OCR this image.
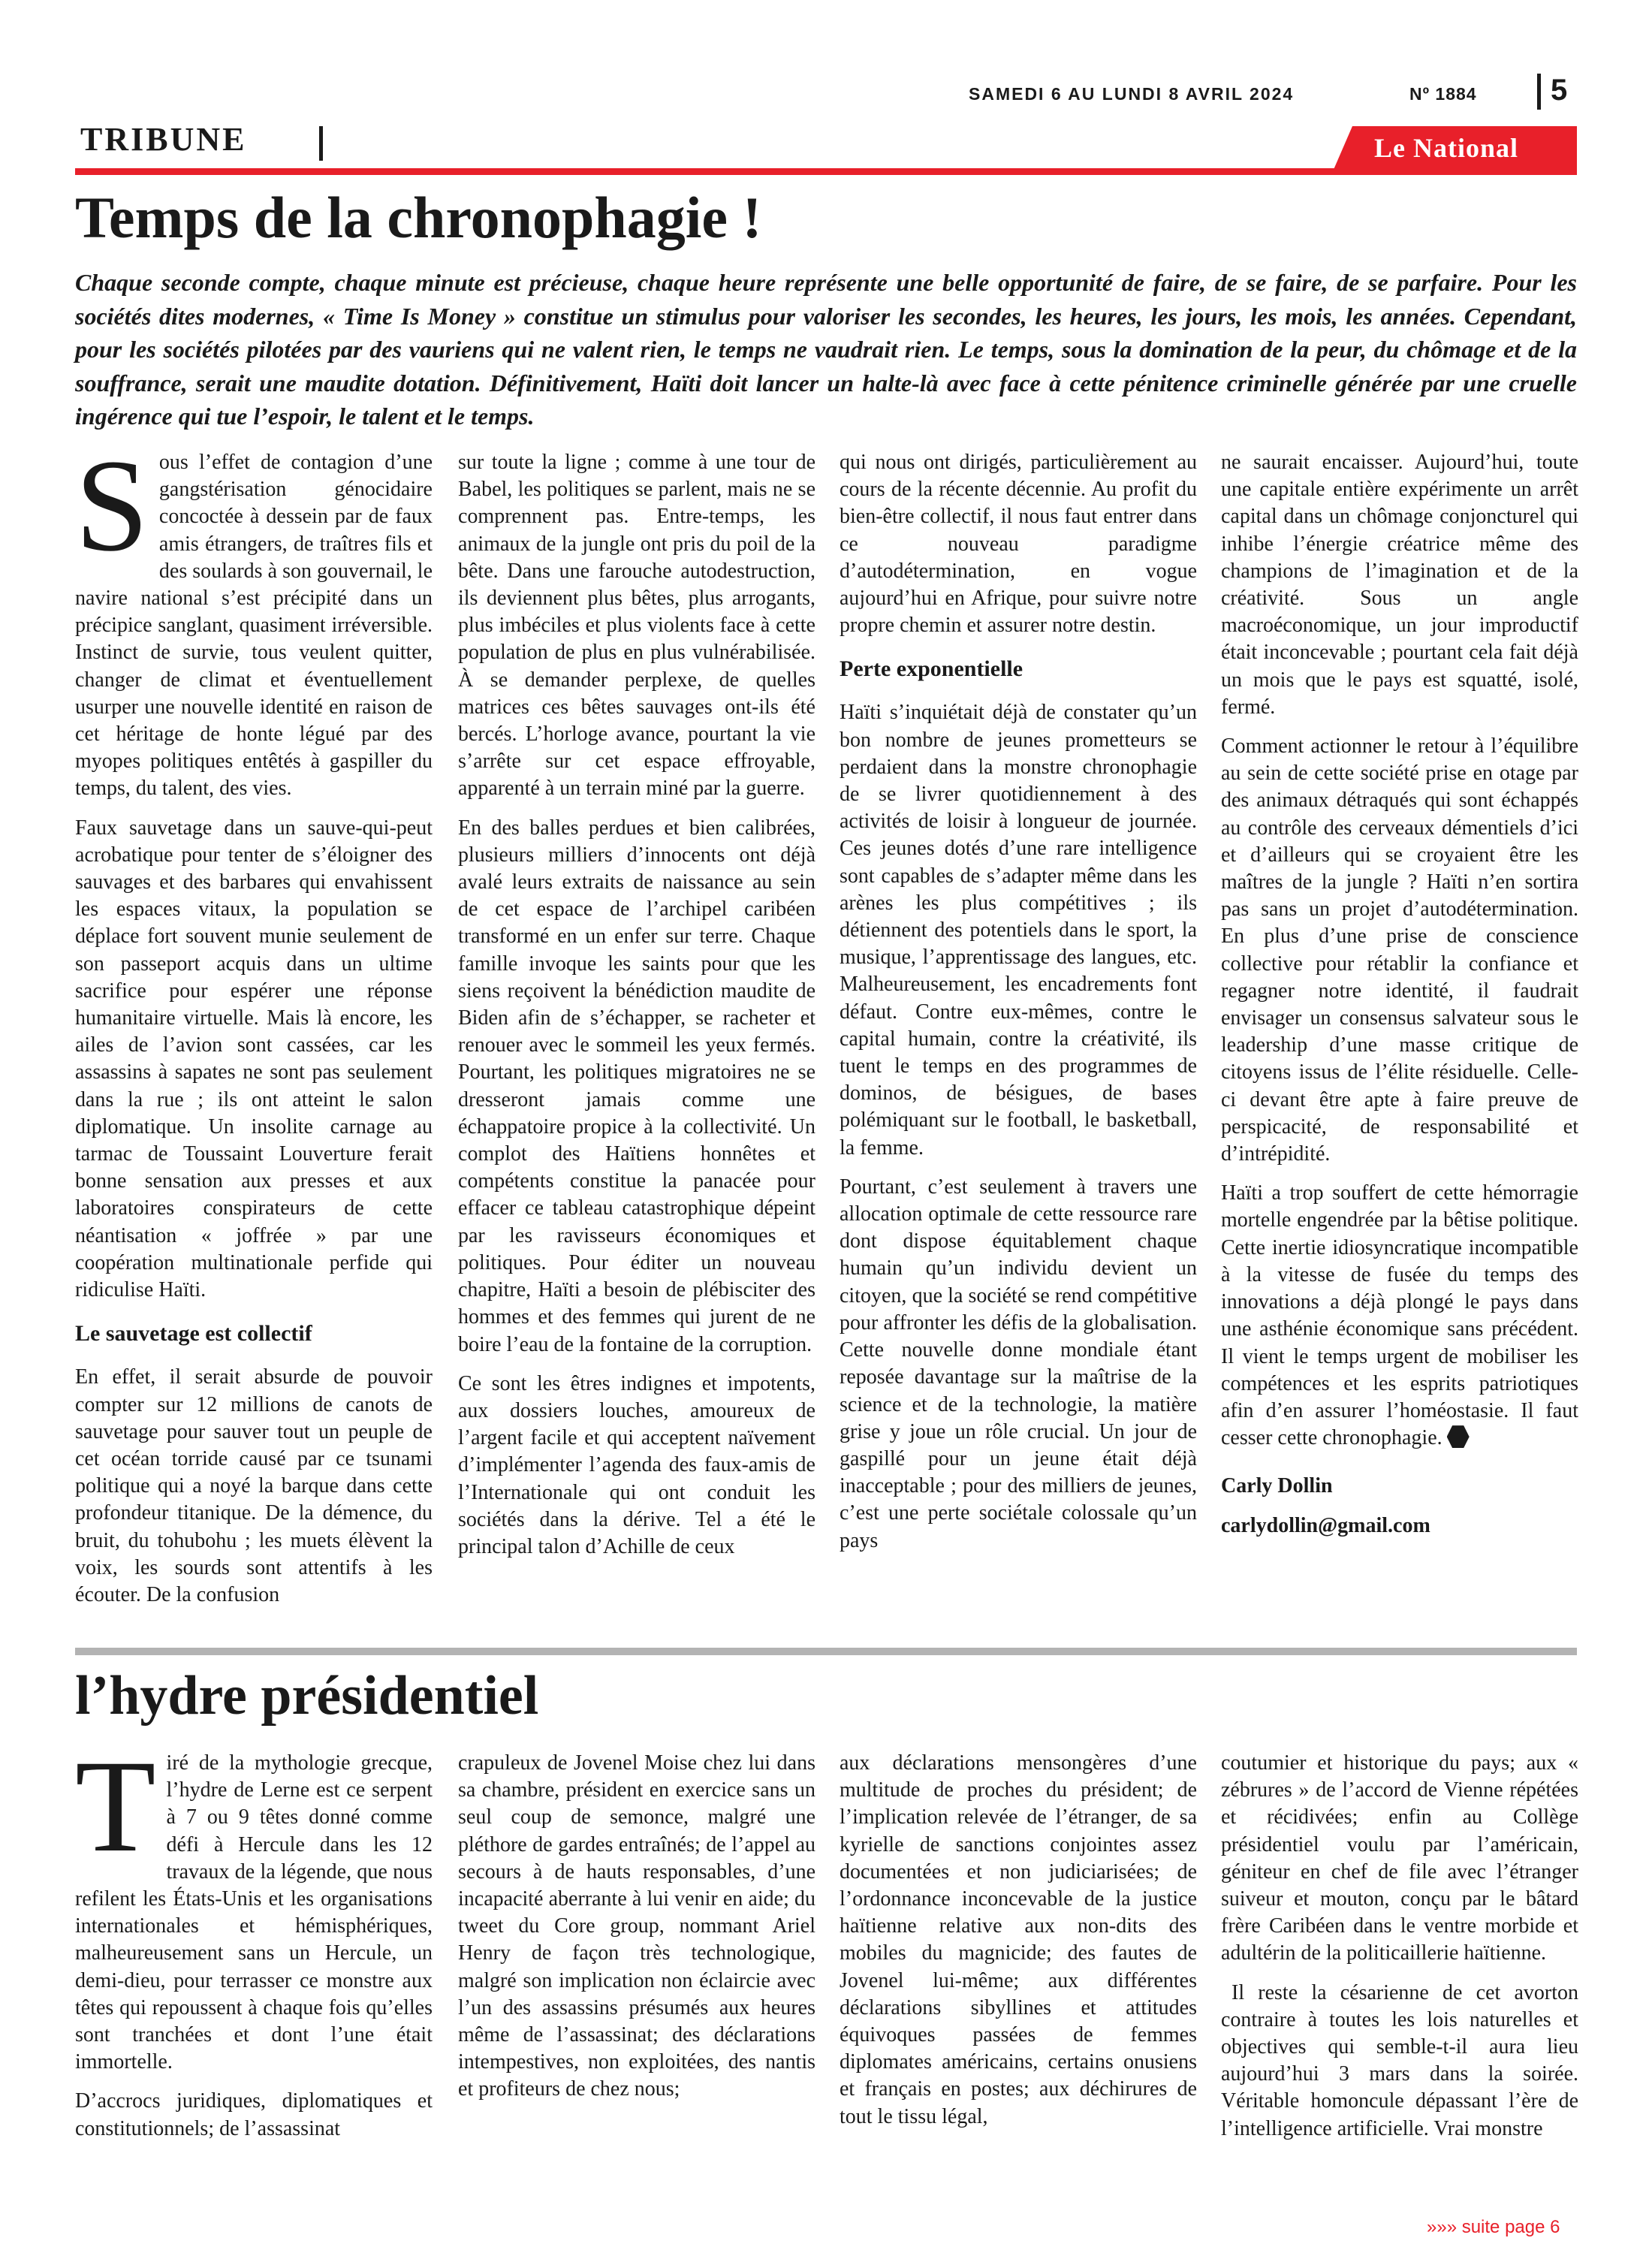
SAMEDI 6 AU LUNDI 8 AVRIL 2024	Nº 1884 5
TRIBUNE	Le National
Temps de la chronophagie !

Chaque seconde compte, chaque minute est précieuse, chaque heure représente une belle opportunité de faire, de se faire, de se parfaire. Pour les sociétés dites modernes, « Time Is Money » constitue un stimulus pour valoriser les secondes, les heures, les jours, les mois, les années. Cependant, pour les sociétés pilotées par des vauriens qui ne valent rien, le temps ne vaudrait rien. Le temps, sous la domination de la peur, du chômage et de la souffrance, serait une maudite dotation. Définitivement, Haïti doit lancer un halte-là avec face à cette pénitence criminelle générée par une cruelle ingérence qui tue l’espoir, le talent et le temps.

Sous l’effet de contagion d’une gangstérisation génocidaire concoctée à dessein par de faux amis étrangers, de traîtres fils et des soulards à son gouvernail, le navire national s’est précipité dans un précipice sanglant, quasiment irréversible. Instinct de survie, tous veulent quitter, changer de climat et éventuellement usurper une nouvelle identité en raison de cet héritage de honte légué par des myopes politiques entêtés à gaspiller du temps, du talent, des vies.

Faux sauvetage dans un sauve-qui-peut acrobatique pour tenter de s’éloigner des sauvages et des barbares qui envahissent les espaces vitaux, la population se déplace fort souvent munie seulement de son passeport acquis dans un ultime sacrifice pour espérer une réponse humanitaire virtuelle. Mais là encore, les ailes de l’avion sont cassées, car les assassins à sapates ne sont pas seulement dans la rue ; ils ont atteint le salon diplomatique. Un insolite carnage au tarmac de Toussaint Louverture ferait bonne sensation aux presses et aux laboratoires conspirateurs de cette néantisation « joffrée » par une coopération multinationale perfide qui ridiculise Haïti.

Le sauvetage est collectif

En effet, il serait absurde de pouvoir compter sur 12 millions de canots de sauvetage pour sauver tout un peuple de cet océan torride causé par ce tsunami politique qui a noyé la barque dans cette profondeur titanique. De la démence, du bruit, du tohubohu ; les muets élèvent la voix, les sourds sont attentifs à les écouter. De la confusion

sur toute la ligne ; comme à une tour de Babel, les politiques se parlent, mais ne se comprennent pas. Entre-temps, les animaux de la jungle ont pris du poil de la bête. Dans une farouche autodestruction, ils deviennent plus bêtes, plus arrogants, plus imbéciles et plus violents face à cette population de plus en plus vulnérabilisée. À se demander perplexe, de quelles matrices ces bêtes sauvages ont-ils été bercés. L’horloge avance, pourtant la vie s’arrête sur cet espace effroyable, apparenté à un terrain miné par la guerre.

En des balles perdues et bien calibrées, plusieurs milliers d’innocents ont déjà avalé leurs extraits de naissance au sein de cet espace de l’archipel caribéen transformé en un enfer sur terre. Chaque famille invoque les saints pour que les siens reçoivent la bénédiction maudite de Biden afin de s’échapper, se racheter et renouer avec le sommeil les yeux fermés. Pourtant, les politiques migratoires ne se dresseront jamais comme une échappatoire propice à la collectivité. Un complot des Haïtiens honnêtes et compétents constitue la panacée pour effacer ce tableau catastrophique dépeint par les ravisseurs économiques et politiques. Pour éditer un nouveau chapitre, Haïti a besoin de plébisciter des hommes et des femmes qui jurent de ne boire l’eau de la fontaine de la corruption.

Ce sont les êtres indignes et impotents, aux dossiers louches, amoureux de l’argent facile et qui acceptent naïvement d’implémenter l’agenda des faux-amis de l’Internationale qui ont conduit les sociétés dans la dérive. Tel a été le principal talon d’Achille de ceux

qui nous ont dirigés, particulièrement au cours de la récente décennie. Au profit du bien-être collectif, il nous faut entrer dans ce nouveau paradigme d’autodétermination, en vogue aujourd’hui en Afrique, pour suivre notre propre chemin et assurer notre destin.

Perte exponentielle

Haïti s’inquiétait déjà de constater qu’un bon nombre de jeunes prometteurs se perdaient dans la monstre chronophagie de se livrer quotidiennement à des activités de loisir à longueur de journée. Ces jeunes dotés d’une rare intelligence sont capables de s’adapter même dans les arènes les plus compétitives ; ils détiennent des potentiels dans le sport, la musique, l’apprentissage des langues, etc. Malheureusement, les encadrements font défaut. Contre eux-mêmes, contre le capital humain, contre la créativité, ils tuent le temps en des programmes de dominos, de bésigues, de bases polémiquant sur le football, le basketball, la femme.

Pourtant, c’est seulement à travers une allocation optimale de cette ressource rare dont dispose équitablement chaque humain qu’un individu devient un citoyen, que la société se rend compétitive pour affronter les défis de la globalisation. Cette nouvelle donne mondiale étant reposée davantage sur la maîtrise de la science et de la technologie, la matière grise y joue un rôle crucial. Un jour de gaspillé pour un jeune était déjà inacceptable ; pour des milliers de jeunes, c’est une perte sociétale colossale qu’un pays

ne saurait encaisser. Aujourd’hui, toute une capitale entière expérimente un arrêt capital dans un chômage conjoncturel qui inhibe l’énergie créatrice même des champions de l’imagination et de la créativité. Sous un angle macroéconomique, un jour improductif était inconcevable ; pourtant cela fait déjà un mois que le pays est squatté, isolé, fermé.

Comment actionner le retour à l’équilibre au sein de cette société prise en otage par des animaux détraqués qui sont échappés au contrôle des cerveaux démentiels d’ici et d’ailleurs qui se croyaient être les maîtres de la jungle ? Haïti n’en sortira pas sans un projet d’autodétermination. En plus d’une prise de conscience collective pour rétablir la confiance et regagner notre identité, il faudrait envisager un consensus salvateur sous le leadership d’une masse critique de citoyens issus de l’élite résiduelle. Celle-ci devant être apte à faire preuve de perspicacité, de responsabilité et d’intrépidité.

Haïti a trop souffert de cette hémorragie mortelle engendrée par la bêtise politique. Cette inertie idiosyncratique incompatible à la vitesse de fusée du temps des innovations a déjà plongé le pays dans une asthénie économique sans précédent. Il vient le temps urgent de mobiliser les compétences et les esprits patriotiques afin d’en assurer l’homéostasie. Il faut cesser cette chronophagie.

Carly Dollin
carlydollin@gmail.com

l’hydre présidentiel

Tiré de la mythologie grecque, l’hydre de Lerne est ce serpent à 7 ou 9 têtes donné comme défi à Hercule dans les 12 travaux de la légende, que nous refilent les États-Unis et les organisations internationales et hémisphériques, malheureusement sans un Hercule, un demi-dieu, pour terrasser ce monstre aux têtes qui repoussent à chaque fois qu’elles sont tranchées et dont l’une était immortelle.

D’accrocs juridiques, diplomatiques et constitutionnels; de l’assassinat

crapuleux de Jovenel Moise chez lui dans sa chambre, président en exercice sans un seul coup de semonce, malgré une pléthore de gardes entraînés; de l’appel au secours à de hauts responsables, d’une incapacité aberrante à lui venir en aide; du tweet du Core group, nommant Ariel Henry de façon très technologique, malgré son implication non éclaircie avec l’un des assassins présumés aux heures même de l’assassinat; des déclarations intempestives, non exploitées, des nantis et profiteurs de chez nous;

aux déclarations mensongères d’une multitude de proches du président; de l’implication relevée de l’étranger, de sa kyrielle de sanctions conjointes assez documentées et non judiciarisées; de l’ordonnance inconcevable de la justice haïtienne relative aux non-dits des mobiles du magnicide; des fautes de Jovenel lui-même; aux différentes déclarations sibyllines et attitudes équivoques passées de femmes diplomates américains, certains onusiens et français en postes; aux déchirures de tout le tissu légal,

coutumier et historique du pays; aux « zébrures » de l’accord de Vienne répétées et récidivées; enfin au Collège présidentiel voulu par l’américain, géniteur en chef de file avec l’étranger suiveur et mouton, conçu par le bâtard frère Caribéen dans le ventre morbide et adultérin de la politicaillerie haïtienne.

Il reste la césarienne de cet avorton contraire à toutes les lois naturelles et objectives qui semble-t-il aura lieu aujourd’hui 3 mars dans la soirée. Véritable homoncule dépassant l’ère de l’intelligence artificielle. Vrai monstre

»»» suite page 6
